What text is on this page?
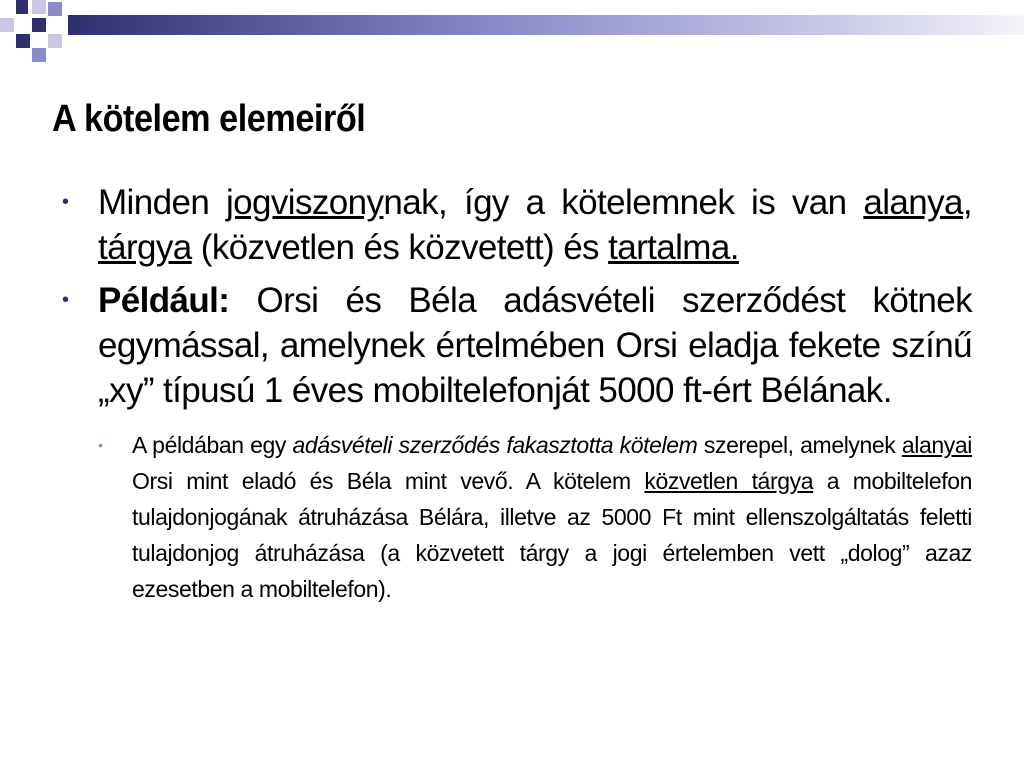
A kötelem elemeiről
• Minden jogviszonynak, így a kötelemnek is van alanya, tárgya (közvetlen és közvetett) és tartalma.
• Például: Orsi és Béla adásvételi szerződést kötnek egymással, amelynek értelmében Orsi eladja fekete színű „xy” típusú 1 éves mobiltelefonját 5000 ft-ért Bélának.
•	A példában egy adásvételi szerződés fakasztotta kötelem szerepel, amelynek alanyai  Orsi mint eladó és Béla mint vevő. A kötelem közvetlen tárgya a mobiltelefon tulajdonjogának átruházása Bélára, illetve az 5000 Ft mint ellenszolgáltatás feletti tulajdonjog átruházása (a közvetett tárgy a jogi értelemben vett „dolog” azaz ezesetben a mobiltelefon).
